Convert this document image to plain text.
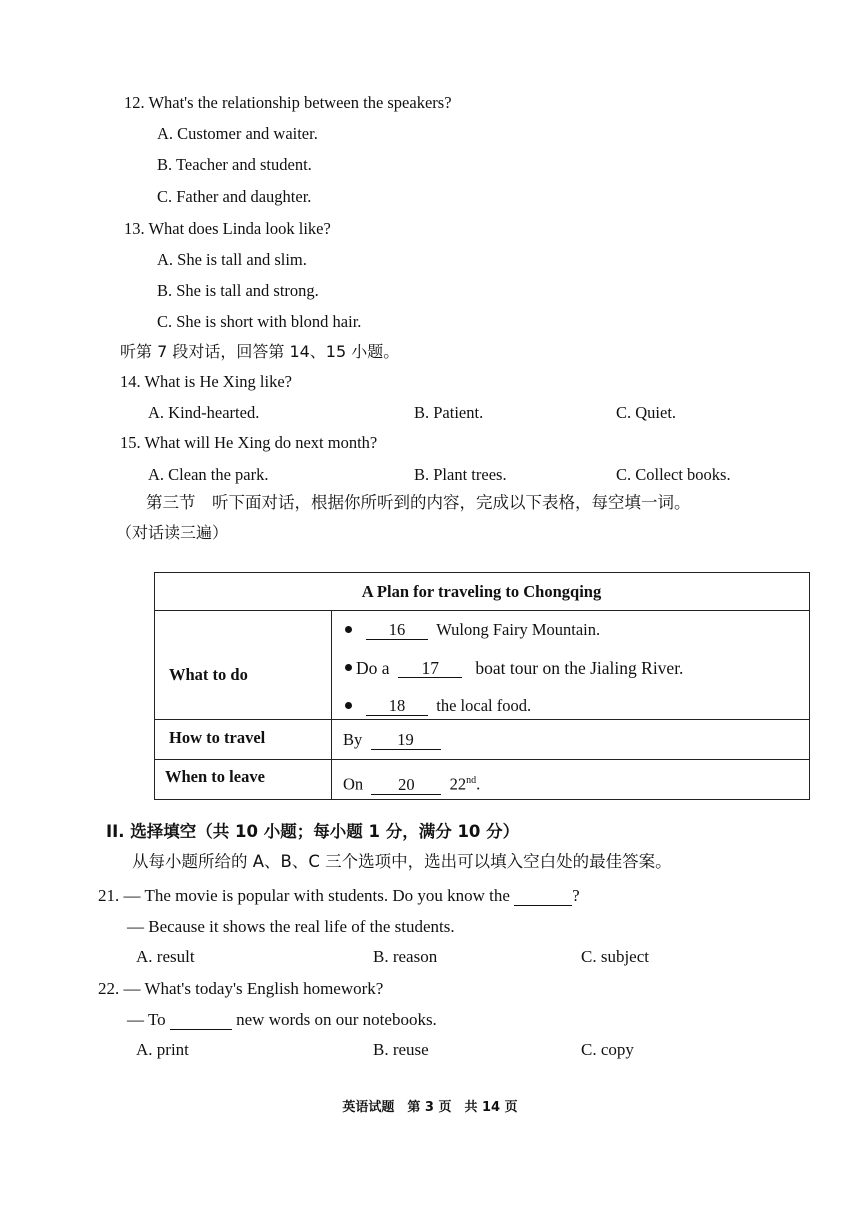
12. What's the relationship between the speakers?
A. Customer and waiter.
B. Teacher and student.
C. Father and daughter.
13. What does Linda look like?
A. She is tall and slim.
B. She is tall and strong.
C. She is short with blond hair.
听第 7 段对话，回答第 14、15 小题。
14. What is He Xing like?
A. Kind-hearted.	B. Patient.	C. Quiet.
15. What will He Xing do next month?
A. Clean the park.	B. Plant trees.	C. Collect books.
第三节　听下面对话，根据你所听到的内容，完成以下表格，每空填一词。
（对话读三遍）
A Plan for traveling to Chongqing
What to do
16 Wulong Fairy Mountain.
Do a 17 boat tour on the Jialing River.
18 the local food.
How to travel	By 19
When to leave	On 20 22nd.
II. 选择填空（共 10 小题；每小题 1 分，满分 10 分）
从每小题所给的 A、B、C 三个选项中，选出可以填入空白处的最佳答案。
21. — The movie is popular with students. Do you know the	?
— Because it shows the real life of the students.
A. result	B. reason	C. subject
22. — What's today's English homework?
— To	new words on our notebooks.
A. print	B. reuse	C. copy
英语试题　第 3 页　共 14 页
